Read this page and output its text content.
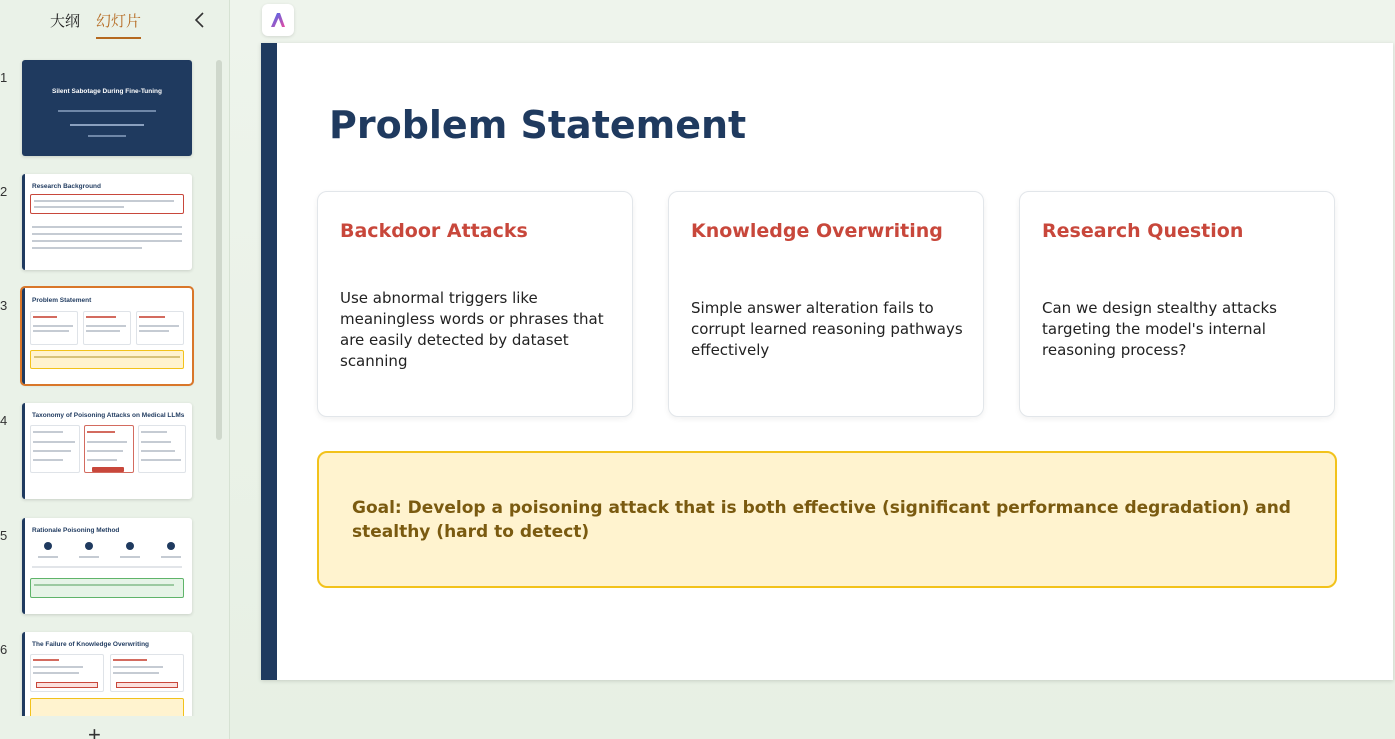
大纲 幻灯片
1
Silent Sabotage During Fine-Tuning
2	Research Background
3	Problem Statement
4	Taxonomy of Poisoning Attacks on Medical LLMs
5	Rationale Poisoning Method
6	The Failure of Knowledge Overwriting
+
Problem Statement
Backdoor Attacks
Use abnormal triggers like meaningless words or phrases that are easily detected by dataset scanning
Knowledge Overwriting
Simple answer alteration fails to corrupt learned reasoning pathways effectively
Research Question
Can we design stealthy attacks targeting the model's internal reasoning process?
Goal: Develop a poisoning attack that is both effective (significant performance degradation) and stealthy (hard to detect)
